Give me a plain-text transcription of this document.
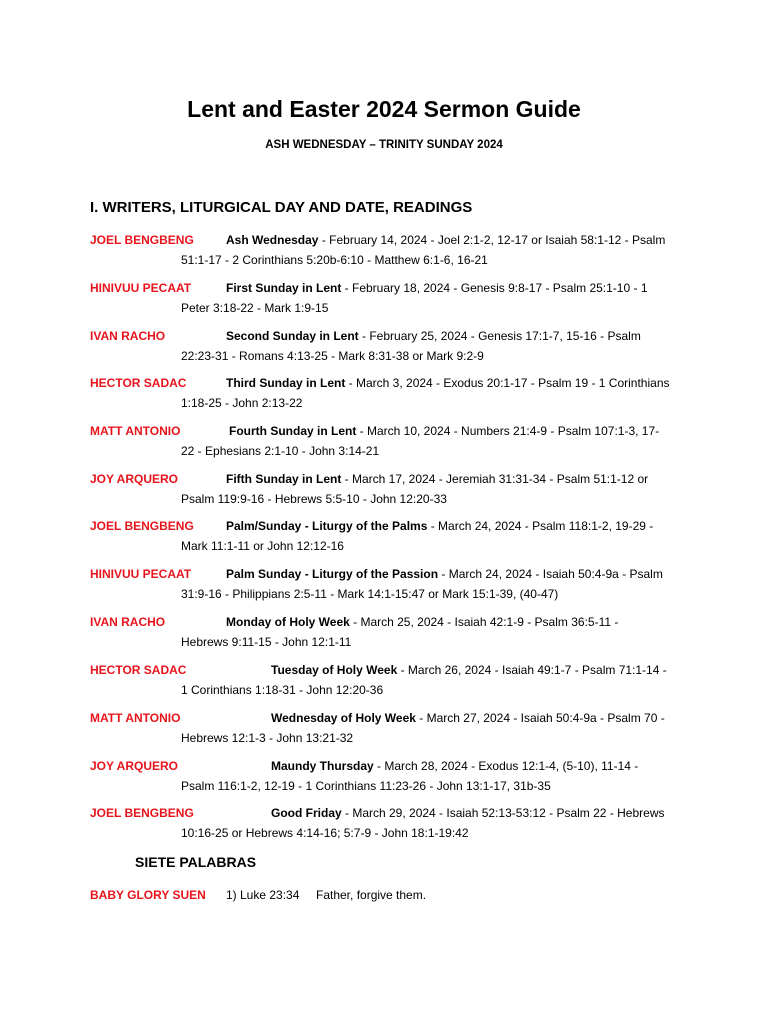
Lent and Easter 2024 Sermon Guide
ASH WEDNESDAY – TRINITY SUNDAY 2024
I. WRITERS, LITURGICAL DAY AND DATE, READINGS
JOEL BENGBENG	Ash Wednesday - February 14, 2024 - Joel 2:1-2, 12-17 or Isaiah 58:1-12 - Psalm
51:1-17 - 2 Corinthians 5:20b-6:10 - Matthew 6:1-6, 16-21
HINIVUU PECAAT	First Sunday in Lent - February 18, 2024 - Genesis 9:8-17 - Psalm 25:1-10 - 1
Peter 3:18-22 - Mark 1:9-15
IVAN RACHO	Second Sunday in Lent - February 25, 2024 - Genesis 17:1-7, 15-16 - Psalm
22:23-31 - Romans 4:13-25 - Mark 8:31-38 or Mark 9:2-9
HECTOR SADAC	Third Sunday in Lent - March 3, 2024 - Exodus 20:1-17 - Psalm 19 - 1 Corinthians
1:18-25 - John 2:13-22
MATT ANTONIO	Fourth Sunday in Lent - March 10, 2024 - Numbers 21:4-9 - Psalm 107:1-3, 17-
22 - Ephesians 2:1-10 - John 3:14-21
JOY ARQUERO	Fifth Sunday in Lent - March 17, 2024 - Jeremiah 31:31-34 - Psalm 51:1-12 or
Psalm 119:9-16 - Hebrews 5:5-10 - John 12:20-33
JOEL BENGBENG	Palm/Sunday - Liturgy of the Palms - March 24, 2024 - Psalm 118:1-2, 19-29 -
Mark 11:1-11 or John 12:12-16
HINIVUU PECAAT	Palm Sunday - Liturgy of the Passion - March 24, 2024 - Isaiah 50:4-9a - Psalm
31:9-16 - Philippians 2:5-11 - Mark 14:1-15:47 or Mark 15:1-39, (40-47)
IVAN RACHO	Monday of Holy Week - March 25, 2024 - Isaiah 42:1-9 - Psalm 36:5-11 -
Hebrews 9:11-15 - John 12:1-11
HECTOR SADAC	Tuesday of Holy Week - March 26, 2024 - Isaiah 49:1-7 - Psalm 71:1-14 -
1 Corinthians 1:18-31 - John 12:20-36
MATT ANTONIO	Wednesday of Holy Week - March 27, 2024 - Isaiah 50:4-9a - Psalm 70 -
Hebrews 12:1-3 - John 13:21-32
JOY ARQUERO	Maundy Thursday - March 28, 2024 - Exodus 12:1-4, (5-10), 11-14 -
Psalm 116:1-2, 12-19 - 1 Corinthians 11:23-26 - John 13:1-17, 31b-35
JOEL BENGBENG	Good Friday - March 29, 2024 - Isaiah 52:13-53:12 - Psalm 22 - Hebrews
10:16-25 or Hebrews 4:14-16; 5:7-9 - John 18:1-19:42
SIETE PALABRAS
BABY GLORY SUEN 1) Luke 23:34 Father, forgive them.
